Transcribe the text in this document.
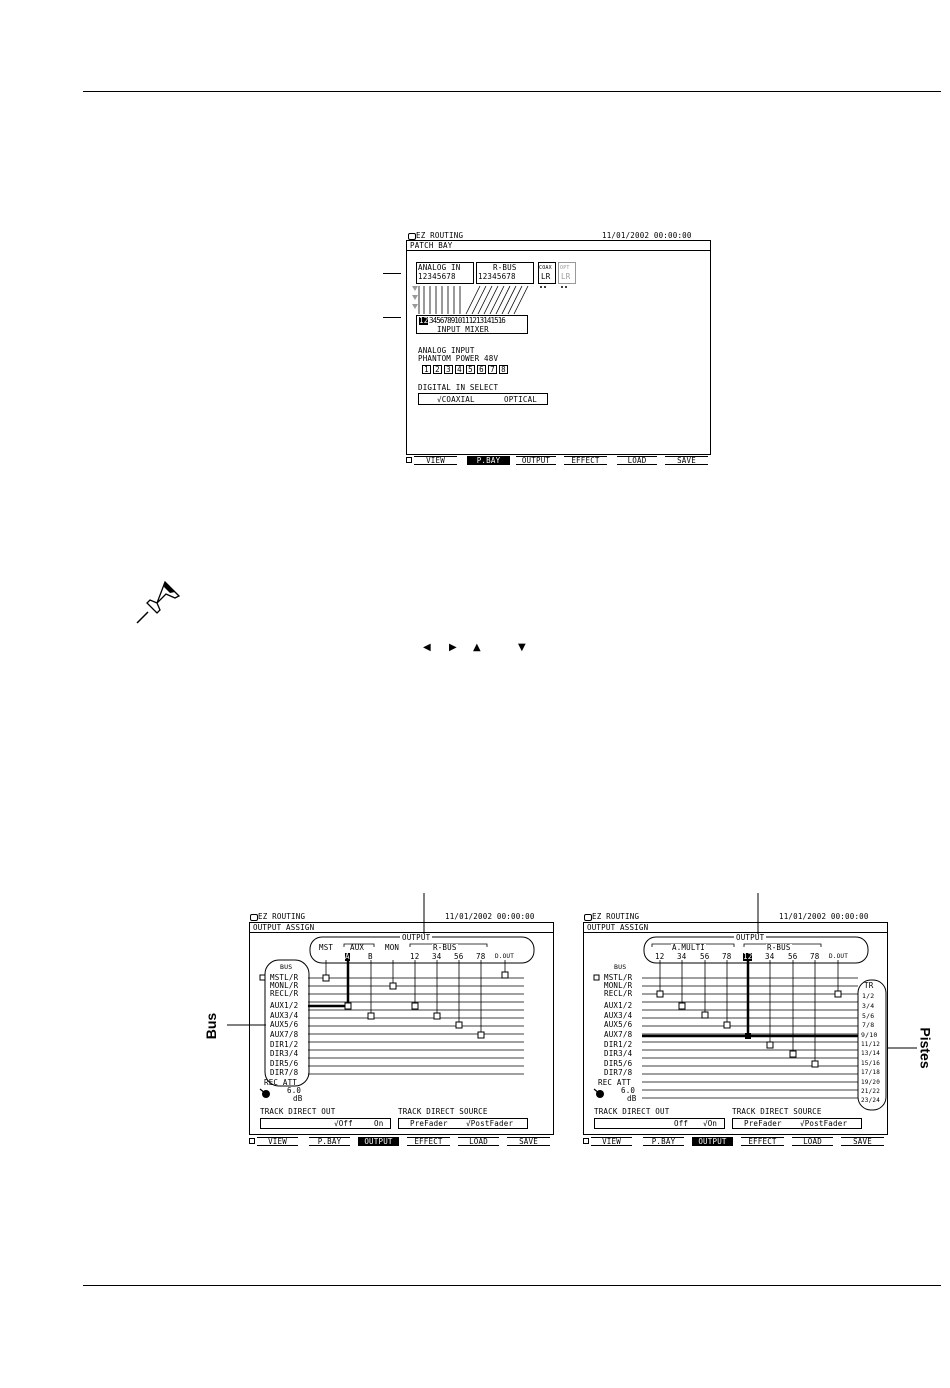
EZ ROUTING	11/01/2002 00:00:00
PATCH BAY
ANALOG IN
12345678
R-BUS
12345678
COAX
LR
OPT
LR
12 345678910111213141516
INPUT MIXER
ANALOG INPUT
PHANTOM POWER 48V
1 2 3 4 5 6 7 8
DIGITAL IN SELECT
√COAXIAL	OPTICAL
VIEW	P.BAY	OUTPUT	EFFECT	LOAD	SAVE
◀ ▶ ▲	▼
EZ ROUTING	11/01/2002 00:00:00
OUTPUT ASSIGN
OUTPUT
MST AUX	MON	R-BUS
A B	12 34 56 78 D.OUT
BUS
MSTL/R
MONL/R
RECL/R
AUX1/2
AUX3/4
AUX5/6
AUX7/8
DIR1/2
DIR3/4
DIR5/6
DIR7/8
REC ATT
6.0
dB
TRACK DIRECT OUT
√Off	On
TRACK DIRECT SOURCE
PreFader √PostFader
VIEW	P.BAY	OUTPUT	EFFECT	LOAD	SAVE
EZ ROUTING	11/01/2002 00:00:00
OUTPUT ASSIGN
OUTPUT
A.MULTI	R-BUS
12 34 56 78 12 34 56 78 D.OUT
BUS
MSTL/R
MONL/R
RECL/R
AUX1/2
AUX3/4
AUX5/6
AUX7/8
DIR1/2
DIR3/4
DIR5/6
DIR7/8
TR
1/2
3/4
5/6
7/8
9/10
11/12
13/14
15/16
17/18
19/20
21/22
23/24
REC ATT
6.0
dB
TRACK DIRECT OUT
Off √On
TRACK DIRECT SOURCE
PreFader √PostFader
VIEW	P.BAY	OUTPUT	EFFECT	LOAD	SAVE
Bus
Pistes
